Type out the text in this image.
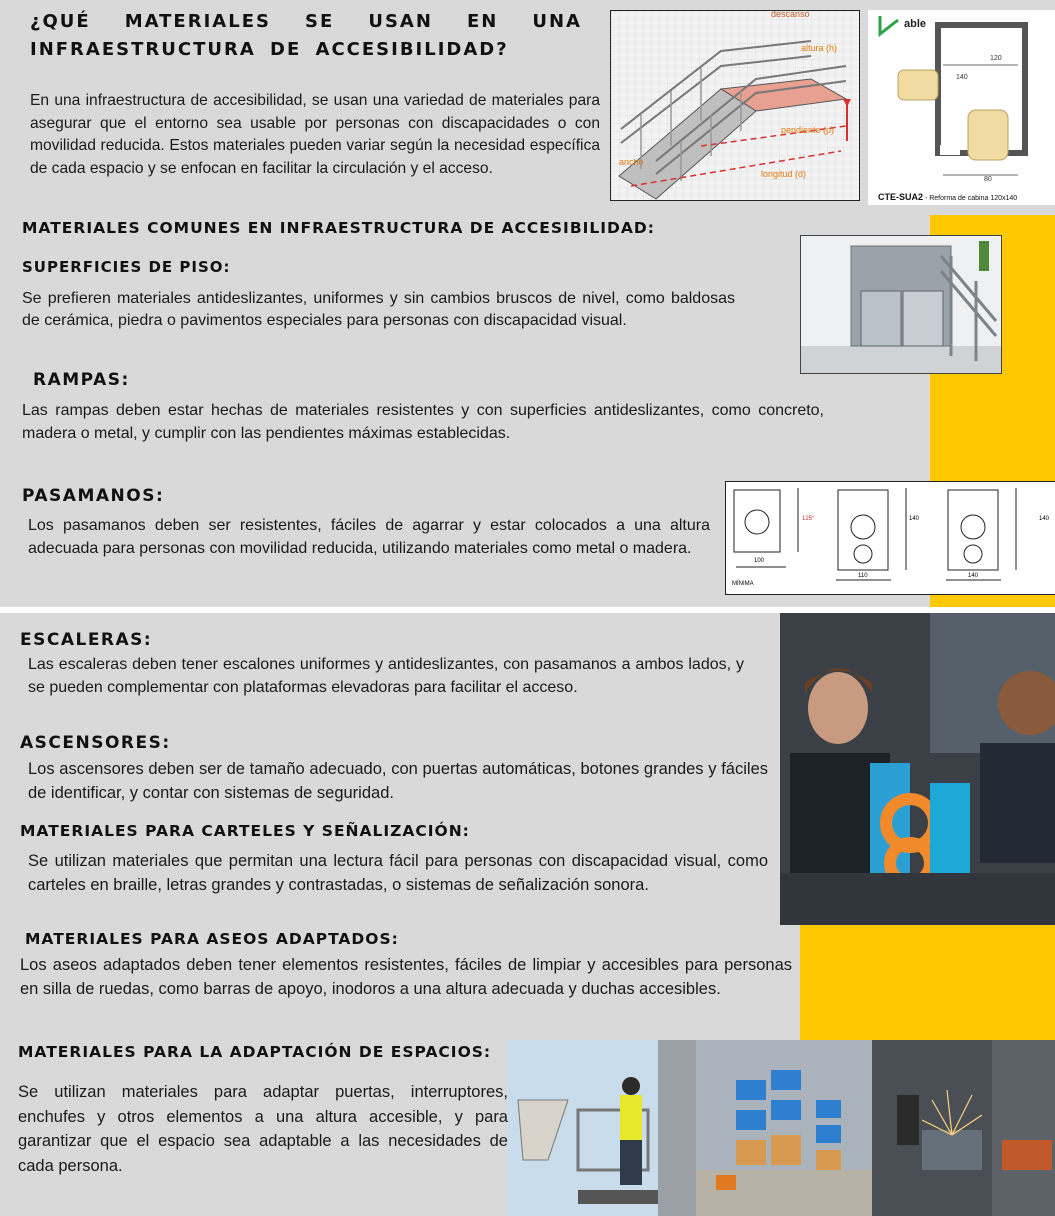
¿QUÉ MATERIALES SE USAN EN UNA INFRAESTRUCTURA DE ACCESIBILIDAD?

En una infraestructura de accesibilidad, se usan una variedad de materiales para asegurar que el entorno sea usable por personas con discapacidades o con movilidad reducida. Estos materiales pueden variar según la necesidad específica de cada espacio y se enfocan en facilitar la circulación y el acceso.

descanso
altura (h)
pendiente (p)
ancho
longitud (d)
able
120
140
80
CTE-SUA2 - Reforma de cabina 120x140
MATERIALES COMUNES EN INFRAESTRUCTURA DE ACCESIBILIDAD:
SUPERFICIES DE PISO:

Se prefieren materiales antideslizantes, uniformes y sin cambios bruscos de nivel, como baldosas de cerámica, piedra o pavimentos especiales para personas con discapacidad visual.

RAMPAS:

Las rampas deben estar hechas de materiales resistentes y con superficies antideslizantes, como concreto, madera o metal, y cumplir con las pendientes máximas establecidas.

PASAMANOS:

Los pasamanos deben ser resistentes, fáciles de agarrar y estar colocados a una altura adecuada para personas con movilidad reducida, utilizando materiales como metal o madera.

125°	140	140
100
110	140
MÍNIMA
ESCALERAS:

Las escaleras deben tener escalones uniformes y antideslizantes, con pasamanos a ambos lados, y se pueden complementar con plataformas elevadoras para facilitar el acceso.

ASCENSORES:

Los ascensores deben ser de tamaño adecuado, con puertas automáticas, botones grandes y fáciles de identificar, y contar con sistemas de seguridad.

MATERIALES PARA CARTELES Y SEÑALIZACIÓN:

Se utilizan materiales que permitan una lectura fácil para personas con discapacidad visual, como carteles en braille, letras grandes y contrastadas, o sistemas de señalización sonora.

MATERIALES PARA ASEOS ADAPTADOS:

Los aseos adaptados deben tener elementos resistentes, fáciles de limpiar y accesibles para personas en silla de ruedas, como barras de apoyo, inodoros a una altura adecuada y duchas accesibles.

MATERIALES PARA LA ADAPTACIÓN DE ESPACIOS:

Se utilizan materiales para adaptar puertas, interruptores, enchufes y otros elementos a una altura accesible, y para garantizar que el espacio sea adaptable a las necesidades de cada persona.
